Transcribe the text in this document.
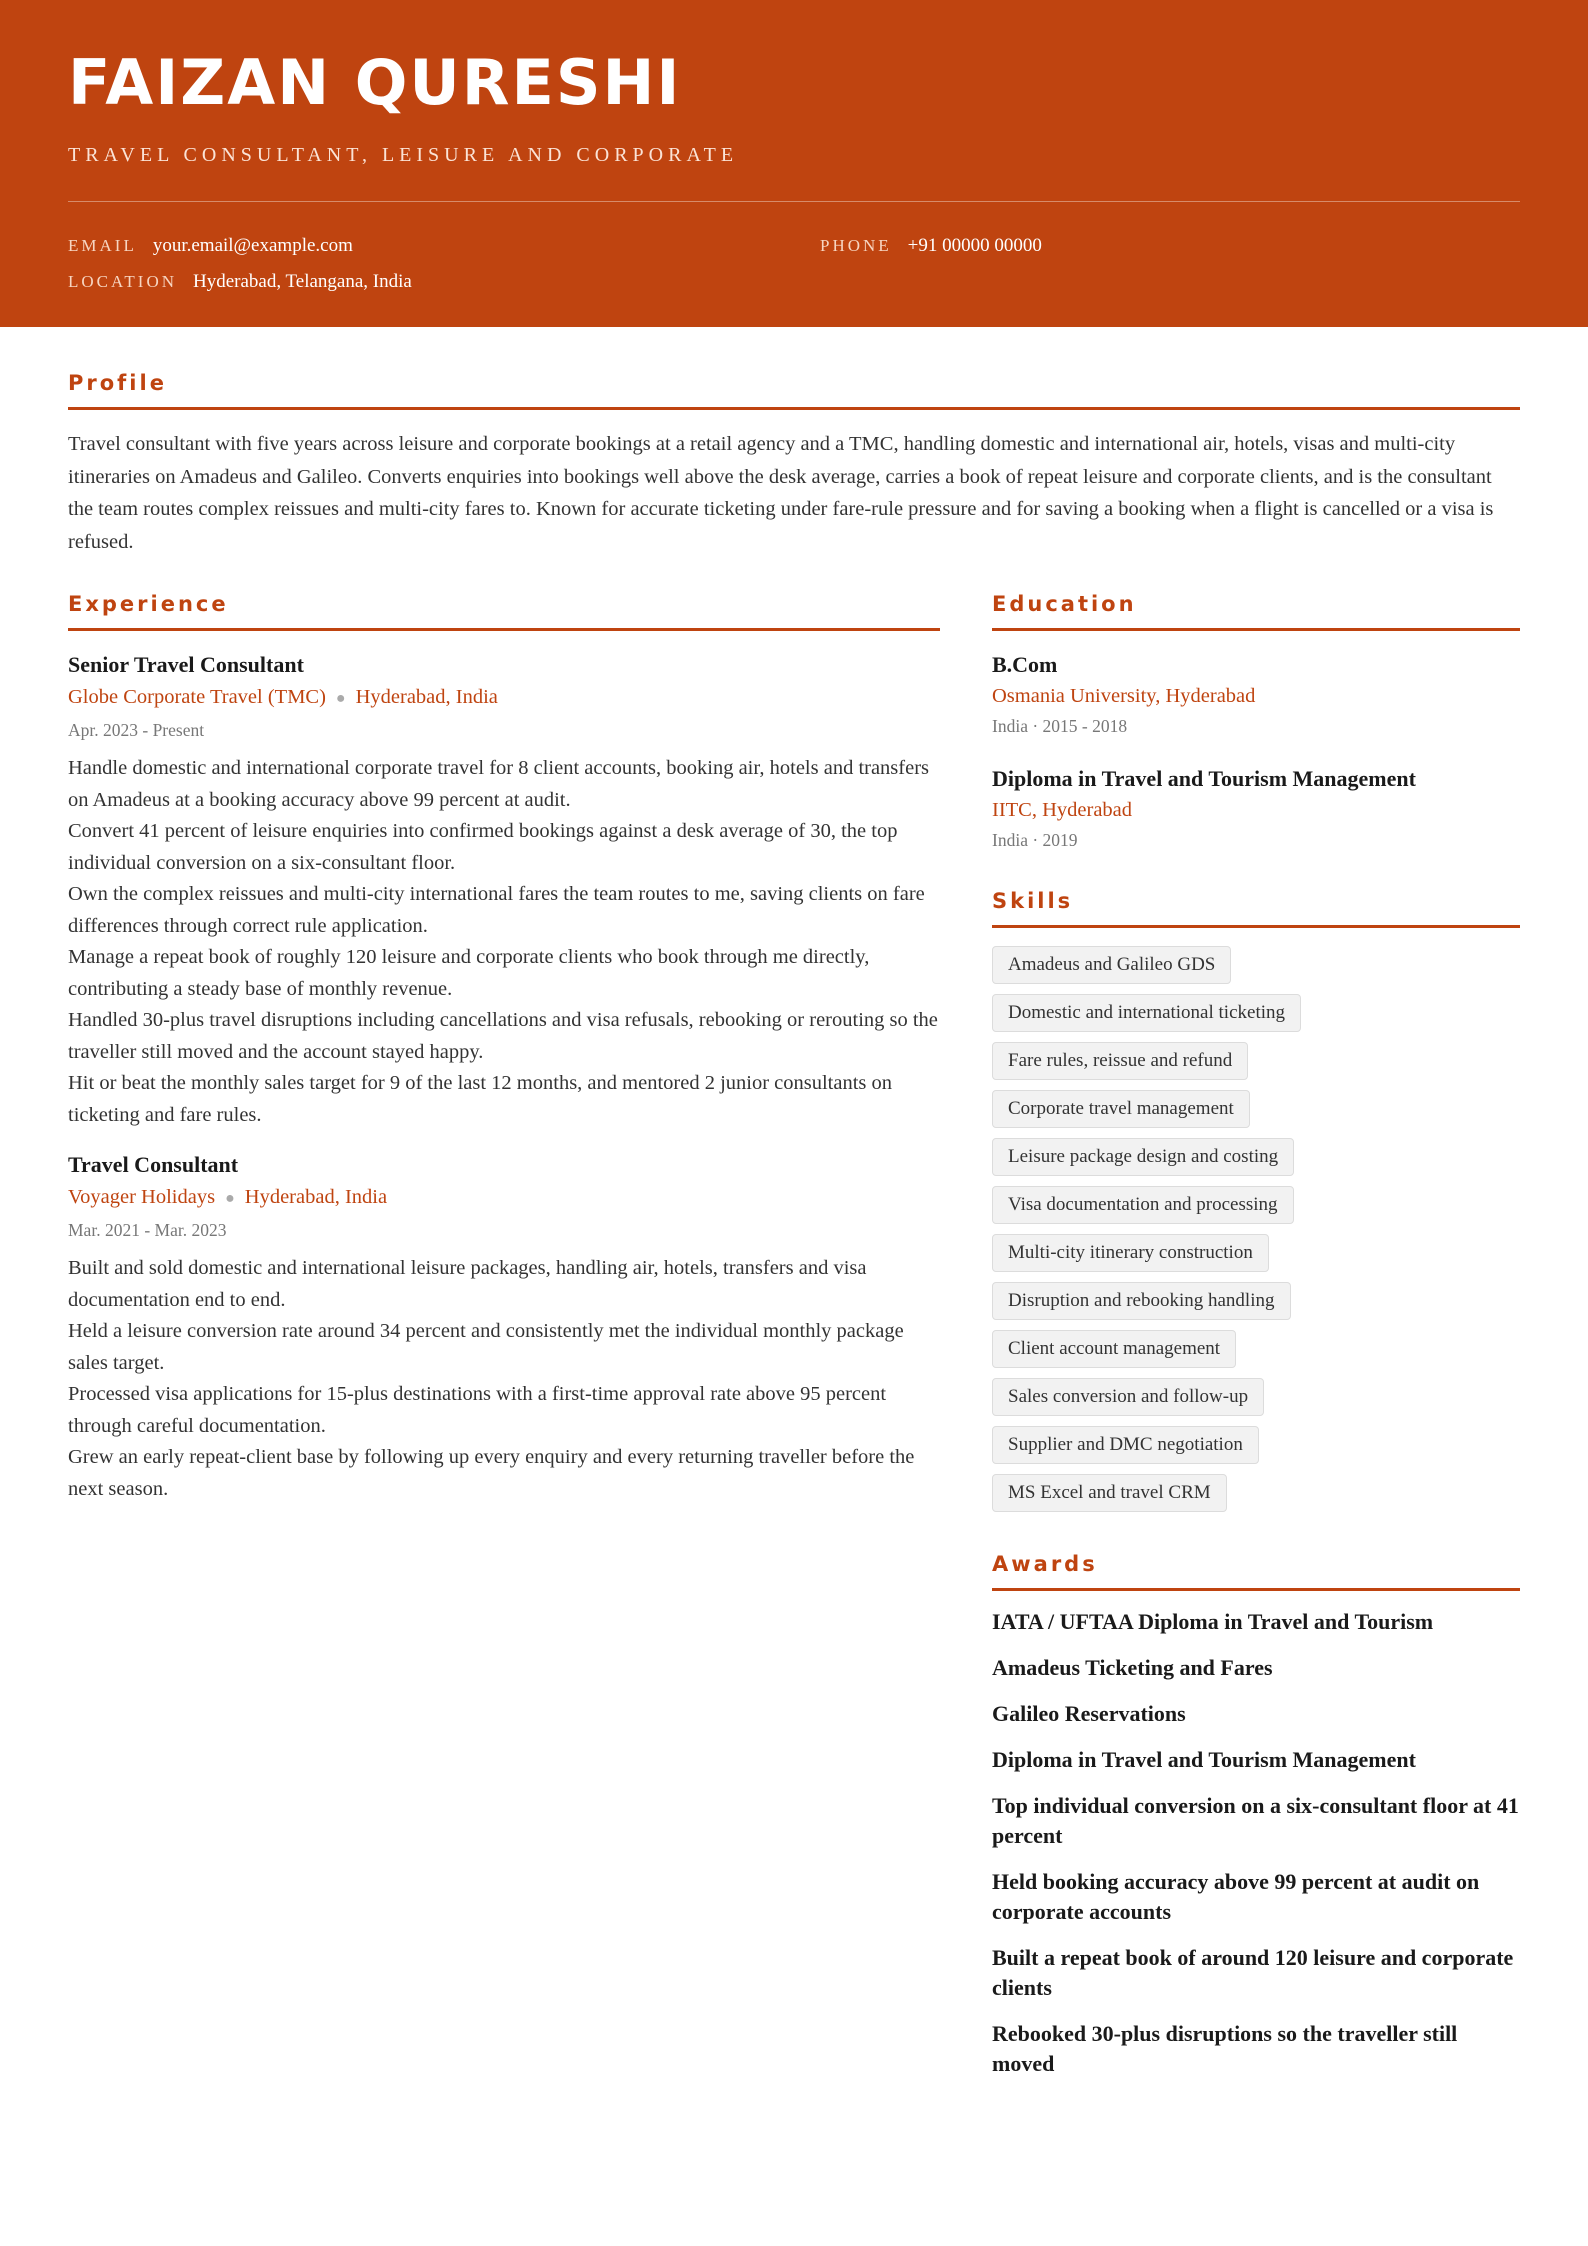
FAIZAN QURESHI
TRAVEL CONSULTANT, LEISURE AND CORPORATE
EMAIL your.email@example.com	PHONE +91 00000 00000
LOCATION Hyderabad, Telangana, India
Profile
Travel consultant with five years across leisure and corporate bookings at a retail agency and a TMC, handling domestic and international air, hotels, visas and multi-city itineraries on Amadeus and Galileo. Converts enquiries into bookings well above the desk average, carries a book of repeat leisure and corporate clients, and is the consultant the team routes complex reissues and multi-city fares to. Known for accurate ticketing under fare-rule pressure and for saving a booking when a flight is cancelled or a visa is refused.
Experience
Senior Travel Consultant
Globe Corporate Travel (TMC) ● Hyderabad, India
Apr. 2023 - Present
Handle domestic and international corporate travel for 8 client accounts, booking air, hotels and transfers on Amadeus at a booking accuracy above 99 percent at audit.
Convert 41 percent of leisure enquiries into confirmed bookings against a desk average of 30, the top individual conversion on a six-consultant floor.
Own the complex reissues and multi-city international fares the team routes to me, saving clients on fare differences through correct rule application.
Manage a repeat book of roughly 120 leisure and corporate clients who book through me directly, contributing a steady base of monthly revenue.
Handled 30-plus travel disruptions including cancellations and visa refusals, rebooking or rerouting so the traveller still moved and the account stayed happy.
Hit or beat the monthly sales target for 9 of the last 12 months, and mentored 2 junior consultants on ticketing and fare rules.
Travel Consultant
Voyager Holidays ● Hyderabad, India
Mar. 2021 - Mar. 2023
Built and sold domestic and international leisure packages, handling air, hotels, transfers and visa documentation end to end.
Held a leisure conversion rate around 34 percent and consistently met the individual monthly package sales target.
Processed visa applications for 15-plus destinations with a first-time approval rate above 95 percent through careful documentation.
Grew an early repeat-client base by following up every enquiry and every returning traveller before the next season.
Education
B.Com
Osmania University, Hyderabad
India · 2015 - 2018
Diploma in Travel and Tourism Management
IITC, Hyderabad
India · 2019
Skills
Amadeus and Galileo GDS
Domestic and international ticketing
Fare rules, reissue and refund
Corporate travel management
Leisure package design and costing
Visa documentation and processing
Multi-city itinerary construction
Disruption and rebooking handling
Client account management
Sales conversion and follow-up
Supplier and DMC negotiation
MS Excel and travel CRM
Awards
IATA / UFTAA Diploma in Travel and Tourism
Amadeus Ticketing and Fares
Galileo Reservations
Diploma in Travel and Tourism Management
Top individual conversion on a six-consultant floor at 41 percent
Held booking accuracy above 99 percent at audit on corporate accounts
Built a repeat book of around 120 leisure and corporate clients
Rebooked 30-plus disruptions so the traveller still moved
